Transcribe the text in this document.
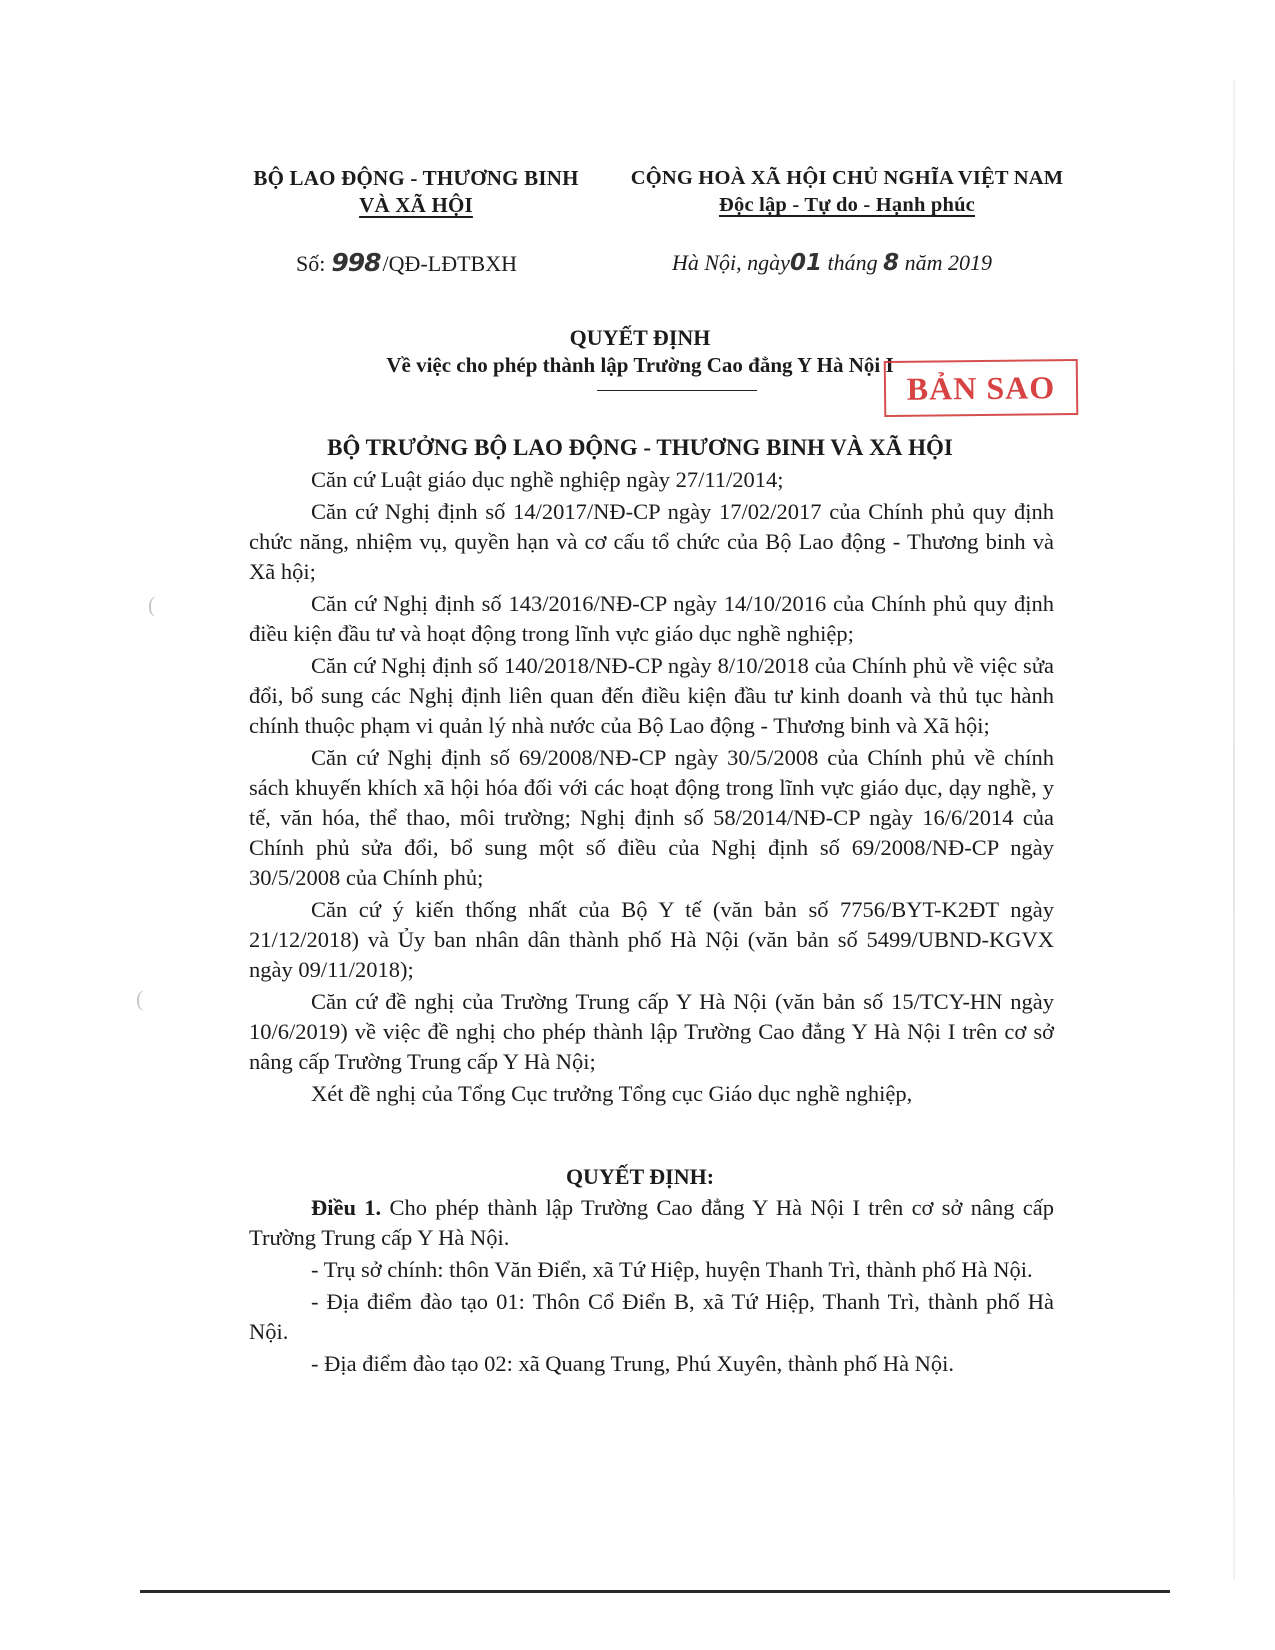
(
(
BỘ LAO ĐỘNG - THƯƠNG BINH
VÀ XÃ HỘI
CỘNG HOÀ XÃ HỘI CHỦ NGHĨA VIỆT NAM
Độc lập - Tự do - Hạnh phúc
Số: 998/QĐ-LĐTBXH	Hà Nội, ngày01 tháng 8 năm 2019
QUYẾT ĐỊNH
Về việc cho phép thành lập Trường Cao đẳng Y Hà Nội I
BẢN SAO
BỘ TRƯỞNG BỘ LAO ĐỘNG - THƯƠNG BINH VÀ XÃ HỘI
Căn cứ Luật giáo dục nghề nghiệp ngày 27/11/2014;
Căn cứ Nghị định số 14/2017/NĐ-CP ngày 17/02/2017 của Chính phủ quy định chức năng, nhiệm vụ, quyền hạn và cơ cấu tổ chức của Bộ Lao động - Thương binh và Xã hội;
Căn cứ Nghị định số 143/2016/NĐ-CP ngày 14/10/2016 của Chính phủ quy định điều kiện đầu tư và hoạt động trong lĩnh vực giáo dục nghề nghiệp;
Căn cứ Nghị định số 140/2018/NĐ-CP ngày 8/10/2018 của Chính phủ về việc sửa đổi, bổ sung các Nghị định liên quan đến điều kiện đầu tư kinh doanh và thủ tục hành chính thuộc phạm vi quản lý nhà nước của Bộ Lao động - Thương binh và Xã hội;
Căn cứ Nghị định số 69/2008/NĐ-CP ngày 30/5/2008 của Chính phủ về chính sách khuyến khích xã hội hóa đối với các hoạt động trong lĩnh vực giáo dục, dạy nghề, y tế, văn hóa, thể thao, môi trường; Nghị định số 58/2014/NĐ-CP ngày 16/6/2014 của Chính phủ sửa đổi, bổ sung một số điều của Nghị định số 69/2008/NĐ-CP ngày 30/5/2008 của Chính phủ;
Căn cứ ý kiến thống nhất của Bộ Y tế (văn bản số 7756/BYT-K2ĐT ngày 21/12/2018) và Ủy ban nhân dân thành phố Hà Nội (văn bản số 5499/UBND-KGVX ngày 09/11/2018);
Căn cứ đề nghị của Trường Trung cấp Y Hà Nội (văn bản số 15/TCY-HN ngày 10/6/2019) về việc đề nghị cho phép thành lập Trường Cao đẳng Y Hà Nội I trên cơ sở nâng cấp Trường Trung cấp Y Hà Nội;
Xét đề nghị của Tổng Cục trưởng Tổng cục Giáo dục nghề nghiệp,
QUYẾT ĐỊNH:
Điều 1. Cho phép thành lập Trường Cao đẳng Y Hà Nội I trên cơ sở nâng cấp Trường Trung cấp Y Hà Nội.
- Trụ sở chính: thôn Văn Điển, xã Tứ Hiệp, huyện Thanh Trì, thành phố Hà Nội.
- Địa điểm đào tạo 01: Thôn Cổ Điển B, xã Tứ Hiệp, Thanh Trì, thành phố Hà Nội.
- Địa điểm đào tạo 02: xã Quang Trung, Phú Xuyên, thành phố Hà Nội.
